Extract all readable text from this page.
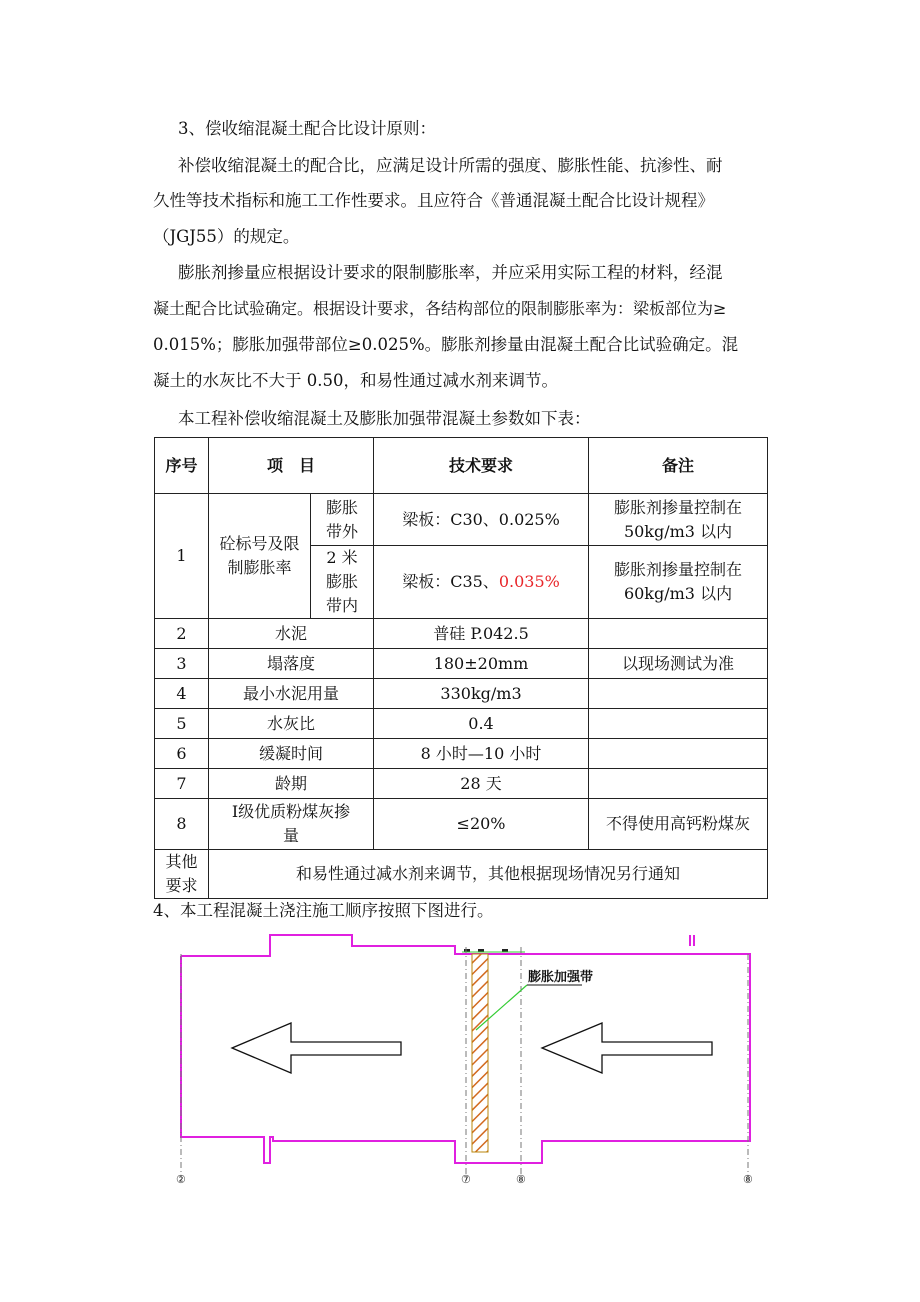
3、偿收缩混凝土配合比设计原则：
补偿收缩混凝土的配合比，应满足设计所需的强度、膨胀性能、抗渗性、耐
久性等技术指标和施工工作性要求。且应符合《普通混凝土配合比设计规程》
（JGJ55）的规定。
膨胀剂掺量应根据设计要求的限制膨胀率，并应采用实际工程的材料，经混
凝土配合比试验确定。根据设计要求，各结构部位的限制膨胀率为：梁板部位为≥
0.015%；膨胀加强带部位≥0.025%。膨胀剂掺量由混凝土配合比试验确定。混
凝土的水灰比不大于 0.50，和易性通过减水剂来调节。
本工程补偿收缩混凝土及膨胀加强带混凝土参数如下表：
序号	项　目		技术要求	备注
1	砼标号及限制膨胀率	膨胀带外	梁板：C30、0.025%	膨胀剂掺量控制在50kg/m3 以内
		2 米膨胀带内	梁板：C35、0.035%	膨胀剂掺量控制在60kg/m3 以内
2	水泥		普硅 P.042.5	
3	塌落度		180±20mm	以现场测试为准
4	最小水泥用量		330kg/m3	
5	水灰比		0.4	
6	缓凝时间		8 小时—10 小时	
7	龄期		28 天	
8	Ⅰ级优质粉煤灰掺量		≤20%	不得使用高钙粉煤灰
其他要求	和易性通过减水剂来调节，其他根据现场情况另行通知			
4、本工程混凝土浇注施工顺序按照下图进行。
膨胀加强带
②	⑦	⑧	⑧
